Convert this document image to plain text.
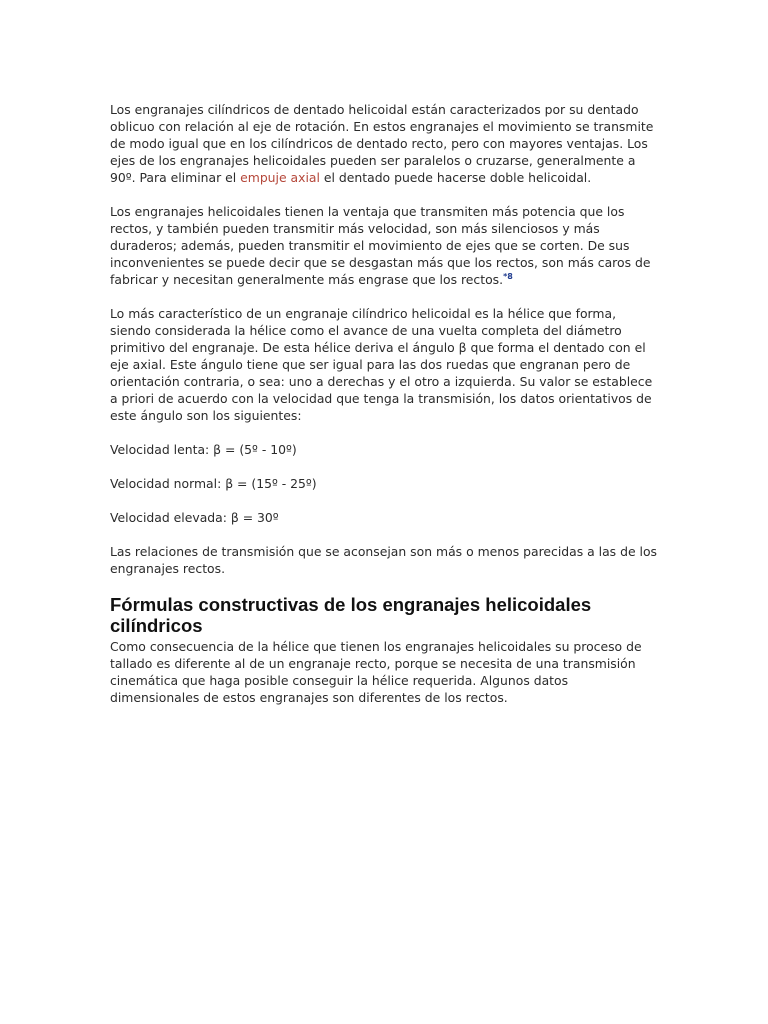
Los engranajes cilíndricos de dentado helicoidal están caracterizados por su dentado oblicuo con relación al eje de rotación. En estos engranajes el movimiento se transmite de modo igual que en los cilíndricos de dentado recto, pero con mayores ventajas. Los ejes de los engranajes helicoidales pueden ser paralelos o cruzarse, generalmente a 90º. Para eliminar el empuje axial el dentado puede hacerse doble helicoidal.

Los engranajes helicoidales tienen la ventaja que transmiten más potencia que los rectos, y también pueden transmitir más velocidad, son más silenciosos y más duraderos; además, pueden transmitir el movimiento de ejes que se corten. De sus inconvenientes se puede decir que se desgastan más que los rectos, son más caros de fabricar y necesitan generalmente más engrase que los rectos.$^{*8}$

Lo más característico de un engranaje cilíndrico helicoidal es la hélice que forma, siendo considerada la hélice como el avance de una vuelta completa del diámetro primitivo del engranaje. De esta hélice deriva el ángulo β que forma el dentado con el eje axial. Este ángulo tiene que ser igual para las dos ruedas que engranan pero de orientación contraria, o sea: uno a derechas y el otro a izquierda. Su valor se establece a priori de acuerdo con la velocidad que tenga la transmisión, los datos orientativos de este ángulo son los siguientes:

Velocidad lenta: β = (5º - 10º)

Velocidad normal: β = (15º - 25º)

Velocidad elevada: β = 30º

Las relaciones de transmisión que se aconsejan son más o menos parecidas a las de los engranajes rectos.

Fórmulas constructivas de los engranajes helicoidales cilíndricos

Como consecuencia de la hélice que tienen los engranajes helicoidales su proceso de tallado es diferente al de un engranaje recto, porque se necesita de una transmisión cinemática que haga posible conseguir la hélice requerida. Algunos datos dimensionales de estos engranajes son diferentes de los rectos.
